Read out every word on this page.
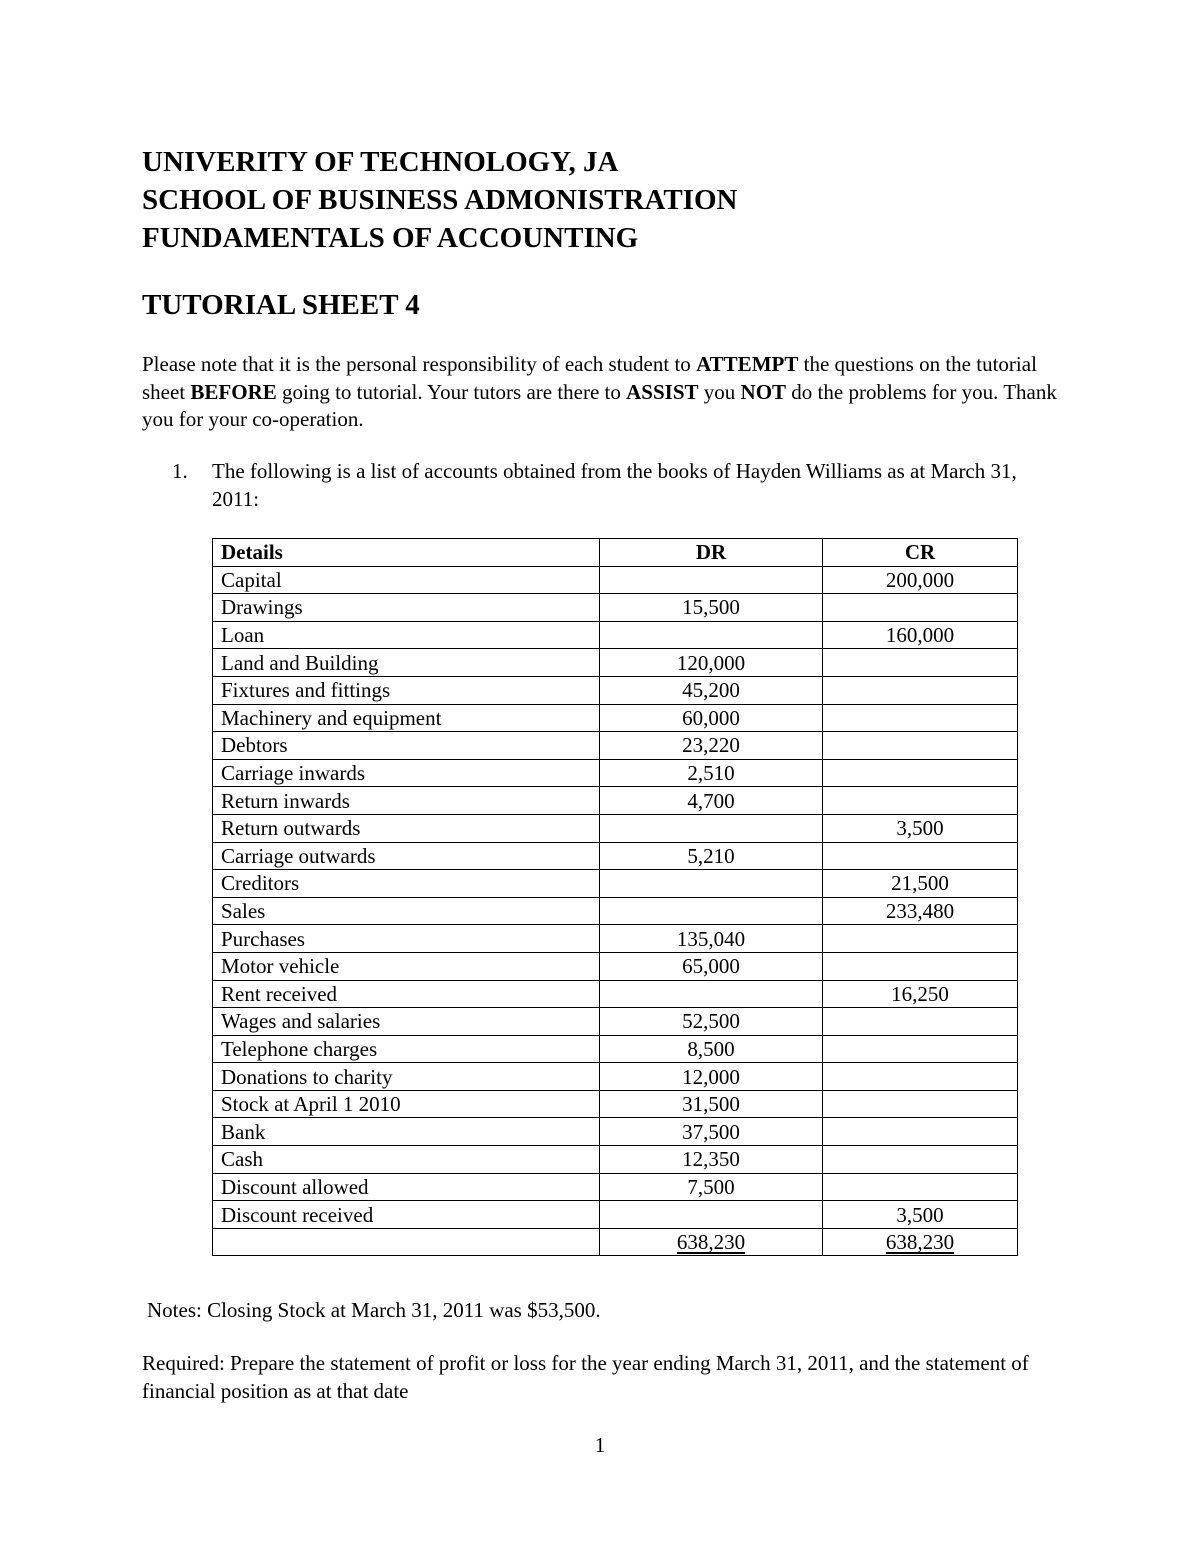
UNIVERITY OF TECHNOLOGY, JA
SCHOOL OF BUSINESS ADMONISTRATION
FUNDAMENTALS OF ACCOUNTING
TUTORIAL SHEET 4
Please note that it is the personal responsibility of each student to ATTEMPT the questions on the tutorial sheet BEFORE going to tutorial. Your tutors are there to ASSIST you NOT do the problems for you. Thank you for your co-operation.
1. The following is a list of accounts obtained from the books of Hayden Williams as at March 31, 2011:
Details	DR	CR
Capital		200,000
Drawings	15,500	
Loan		160,000
Land and Building	120,000	
Fixtures and fittings	45,200	
Machinery and equipment	60,000	
Debtors	23,220	
Carriage inwards	2,510	
Return inwards	4,700	
Return outwards		3,500
Carriage outwards	5,210	
Creditors		21,500
Sales		233,480
Purchases	135,040	
Motor vehicle	65,000	
Rent received		16,250
Wages and salaries	52,500	
Telephone charges	8,500	
Donations to charity	12,000	
Stock at April 1 2010	31,500	
Bank	37,500	
Cash	12,350	
Discount allowed	7,500	
Discount received		3,500
	638,230	638,230
Notes: Closing Stock at March 31, 2011 was $53,500.
Required: Prepare the statement of profit or loss for the year ending March 31, 2011, and the statement of financial position as at that date
1
